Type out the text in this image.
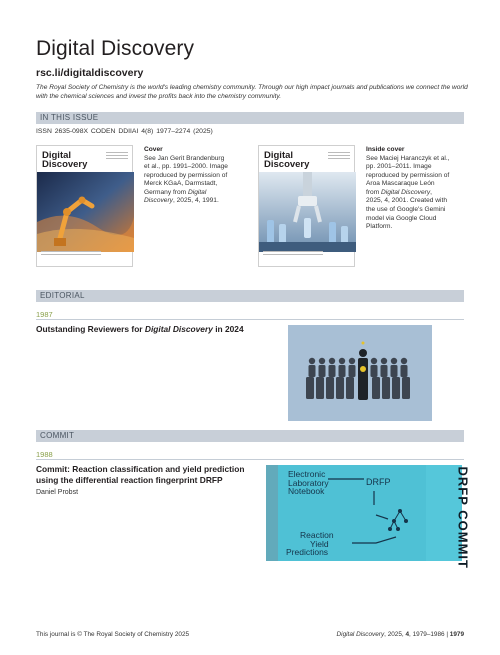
Digital Discovery
rsc.li/digitaldiscovery
The Royal Society of Chemistry is the world's leading chemistry community. Through our high impact journals and publications we connect the world with the chemical sciences and invest the profits back into the chemistry community.
IN THIS ISSUE
ISSN 2635-098X CODEN DDIIAI 4(8) 1977–2274 (2025)
Digital
Discovery
Cover
See Jan Gerit Brandenburg
et al., pp. 1991–2000. Image
reproduced by permission of
Merck KGaA, Darmstadt,
Germany from Digital
Discovery, 2025, 4, 1991.
Digital
Discovery
Inside cover
See Maciej Haranczyk et al.,
pp. 2001–2011. Image
reproduced by permission of
Aroa Mascaraque León
from Digital Discovery,
2025, 4, 2001. Created with
the use of Google's Gemini
model via Google Cloud
Platform.
EDITORIAL
1987
Outstanding Reviewers for Digital Discovery in 2024
COMMIT
1988
Commit: Reaction classification and yield prediction
using the differential reaction fingerprint DRFP
Daniel Probst
Electronic
Laboratory
Notebook
DRFP
Reaction
Yield
Predictions	DRFP COMMIT
This journal is © The Royal Society of Chemistry 2025	Digital Discovery, 2025, 4, 1979–1986 | 1979
